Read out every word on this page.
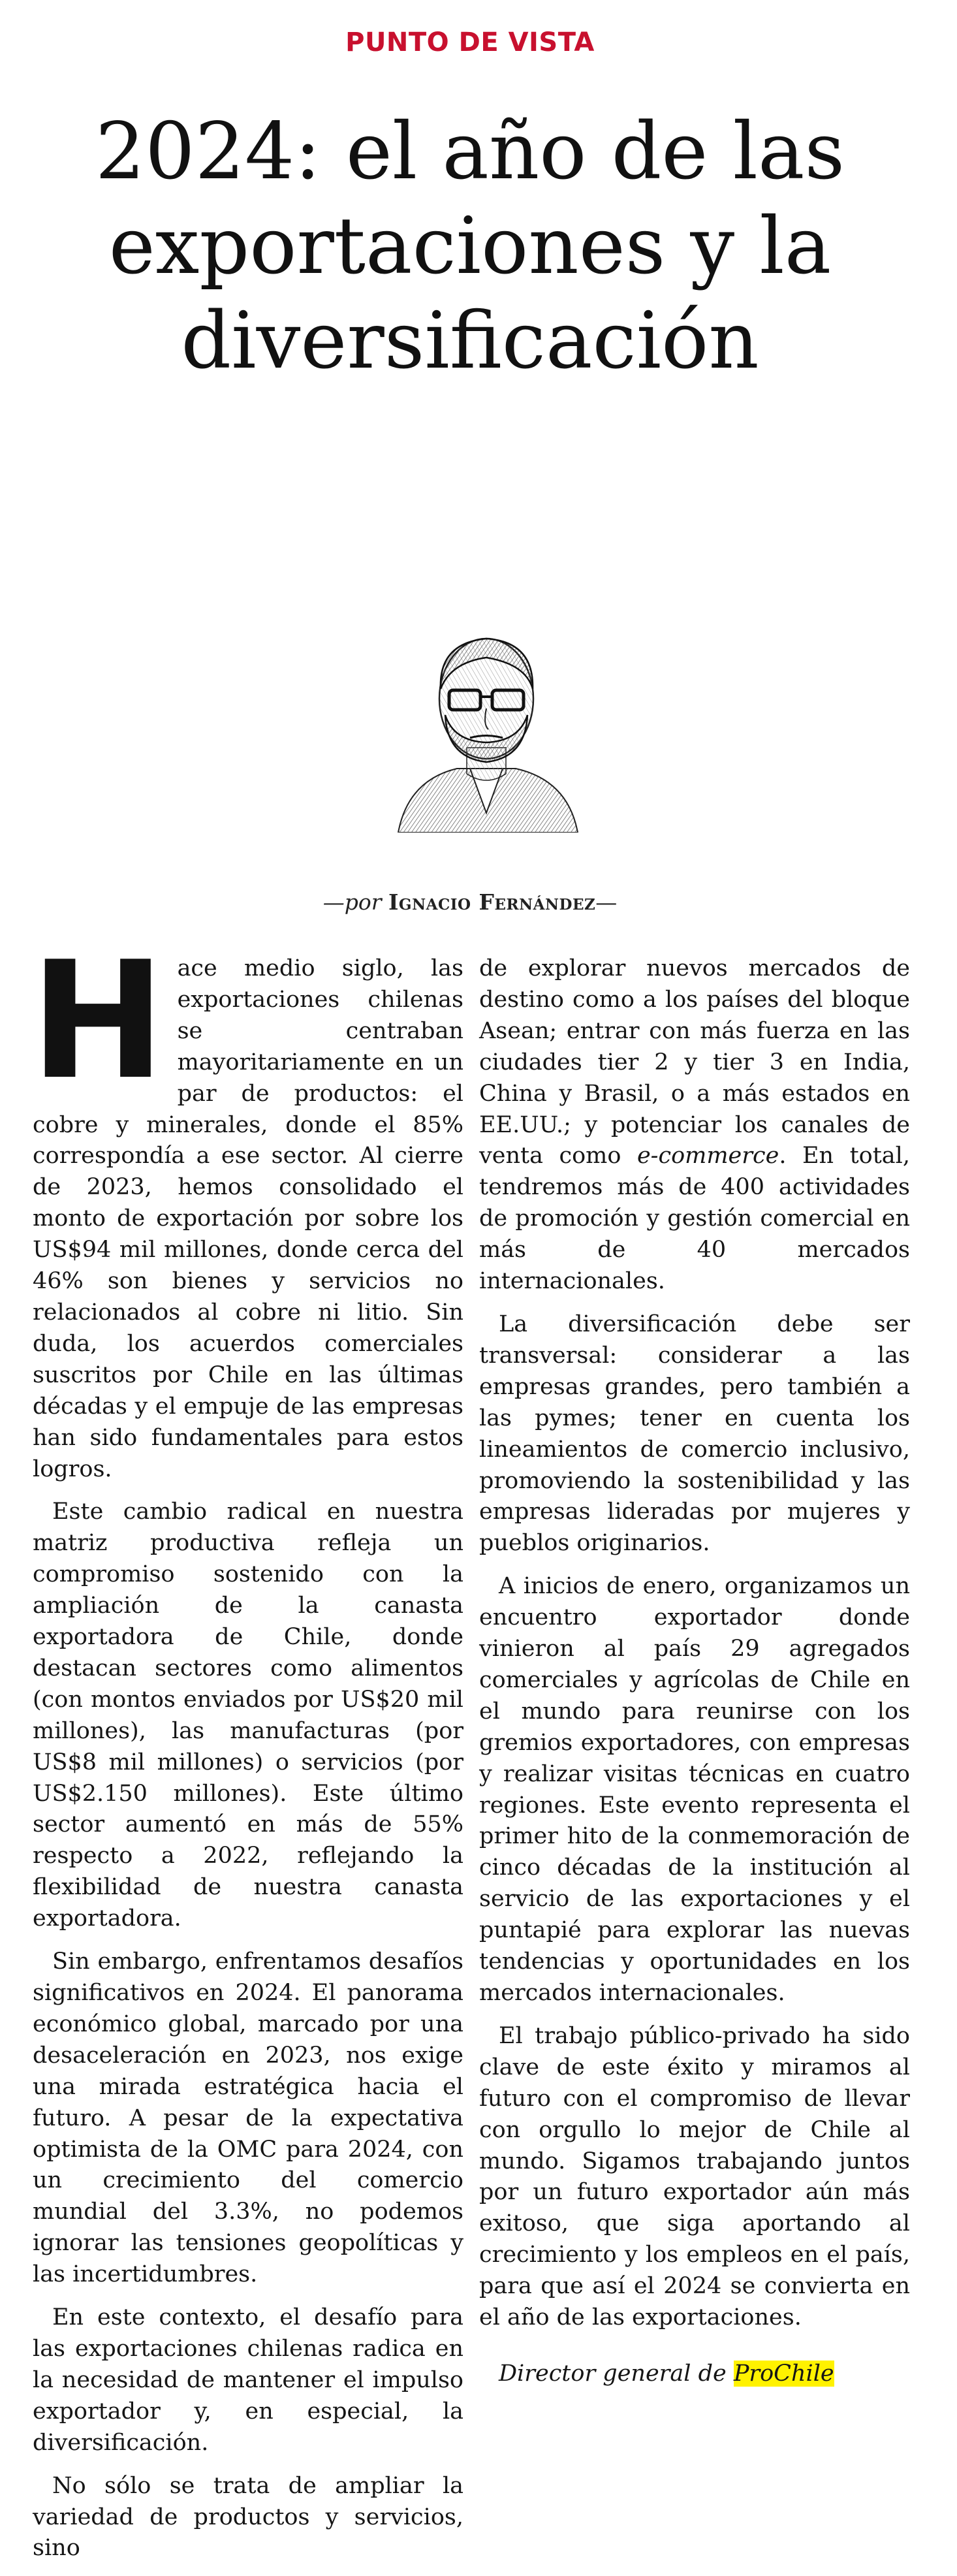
PUNTO DE VISTA
2024: el año de las
exportaciones y la
diversificación
—por Ignacio Fernández—

Hace medio siglo, las exportaciones chilenas se centraban mayoritariamente en un par de productos: el cobre y minerales, donde el 85% correspondía a ese sector. Al cierre de 2023, hemos consolidado el monto de exportación por sobre los US$94 mil millones, donde cerca del 46% son bienes y servicios no relacionados al cobre ni litio. Sin duda, los acuerdos comerciales suscritos por Chile en las últimas décadas y el empuje de las empresas han sido fundamentales para estos logros.

Este cambio radical en nuestra matriz productiva refleja un compromiso sostenido con la ampliación de la canasta exportadora de Chile, donde destacan sectores como alimentos (con montos enviados por US$20 mil millones), las manufacturas (por US$8 mil millones) o servicios (por US$2.150 millones). Este último sector aumentó en más de 55% respecto a 2022, reflejando la flexibilidad de nuestra canasta exportadora.

Sin embargo, enfrentamos desafíos significativos en 2024. El panorama económico global, marcado por una desaceleración en 2023, nos exige una mirada estratégica hacia el futuro. A pesar de la expectativa optimista de la OMC para 2024, con un crecimiento del comercio mundial del 3.3%, no podemos ignorar las tensiones geopolíticas y las incertidumbres.

En este contexto, el desafío para las exportaciones chilenas radica en la necesidad de mantener el impulso exportador y, en especial, la diversificación.

No sólo se trata de ampliar la variedad de productos y servicios, sino

de explorar nuevos mercados de destino como a los países del bloque Asean; entrar con más fuerza en las ciudades tier 2 y tier 3 en India, China y Brasil, o a más estados en EE.UU.; y potenciar los canales de venta como e-commerce. En total, tendremos más de 400 actividades de promoción y gestión comercial en más de 40 mercados internacionales.

La diversificación debe ser transversal: considerar a las empresas grandes, pero también a las pymes; tener en cuenta los lineamientos de comercio inclusivo, promoviendo la sostenibilidad y las empresas lideradas por mujeres y pueblos originarios.

A inicios de enero, organizamos un encuentro exportador donde vinieron al país 29 agregados comerciales y agrícolas de Chile en el mundo para reunirse con los gremios exportadores, con empresas y realizar visitas técnicas en cuatro regiones. Este evento representa el primer hito de la conmemoración de cinco décadas de la institución al servicio de las exportaciones y el puntapié para explorar las nuevas tendencias y oportunidades en los mercados internacionales.

El trabajo público-privado ha sido clave de este éxito y miramos al futuro con el compromiso de llevar con orgullo lo mejor de Chile al mundo. Sigamos trabajando juntos por un futuro exportador aún más exitoso, que siga aportando al crecimiento y los empleos en el país, para que así el 2024 se convierta en el año de las exportaciones.

Director general de ProChile
